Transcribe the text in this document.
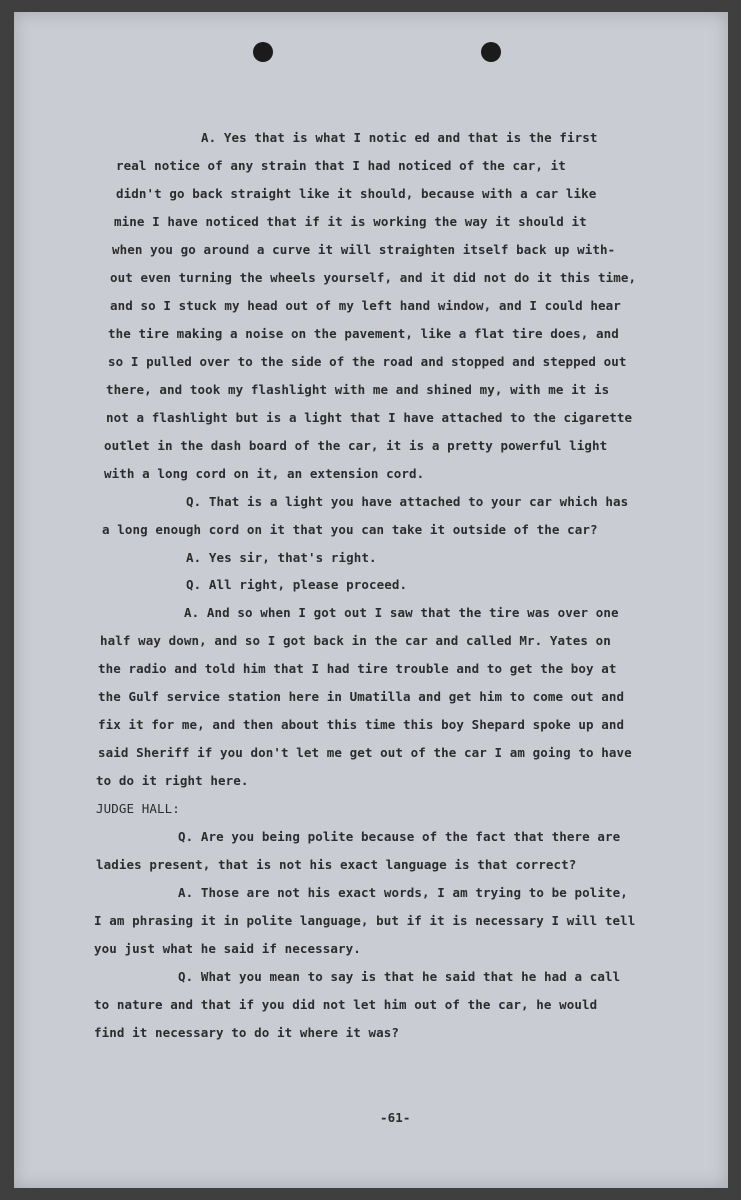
A. Yes that is what I notic ed and that is the first
real notice of any strain that I had noticed of the car, it
didn't go back straight like it should, because with a car like
mine I have noticed that if it is working the way it should it
when you go around a curve it will straighten itself back up with-
out even turning the wheels yourself, and it did not do it this time,
and so I stuck my head out of my left hand window, and I could hear
the tire making a noise on the pavement, like a flat tire does, and
so I pulled over to the side of the road and stopped and stepped out
there, and took my flashlight with me and shined my, with me it is
not a flashlight but is a light that I have attached to the cigarette
outlet in the dash board of the car, it is a pretty powerful light
with a long cord on it, an extension cord.
Q. That is a light you have attached to your car which has
a long enough cord on it that you can take it outside of the car?
A. Yes sir, that's right.
Q. All right, please proceed.
A. And so when I got out I saw that the tire was over one
half way down, and so I got back in the car and called Mr. Yates on
the radio and told him that I had tire trouble and to get the boy at
the Gulf service station here in Umatilla and get him to come out and
fix it for me, and then about this time this boy Shepard spoke up and
said Sheriff if you don't let me get out of the car I am going to have
to do it right here.
JUDGE HALL:
Q. Are you being polite because of the fact that there are
ladies present, that is not his exact language is that correct?
A. Those are not his exact words, I am trying to be polite,
I am phrasing it in polite language, but if it is necessary I will tell
you just what he said if necessary.
Q. What you mean to say is that he said that he had a call
to nature and that if you did not let him out of the car, he would
find it necessary to do it where it was?
-61-
